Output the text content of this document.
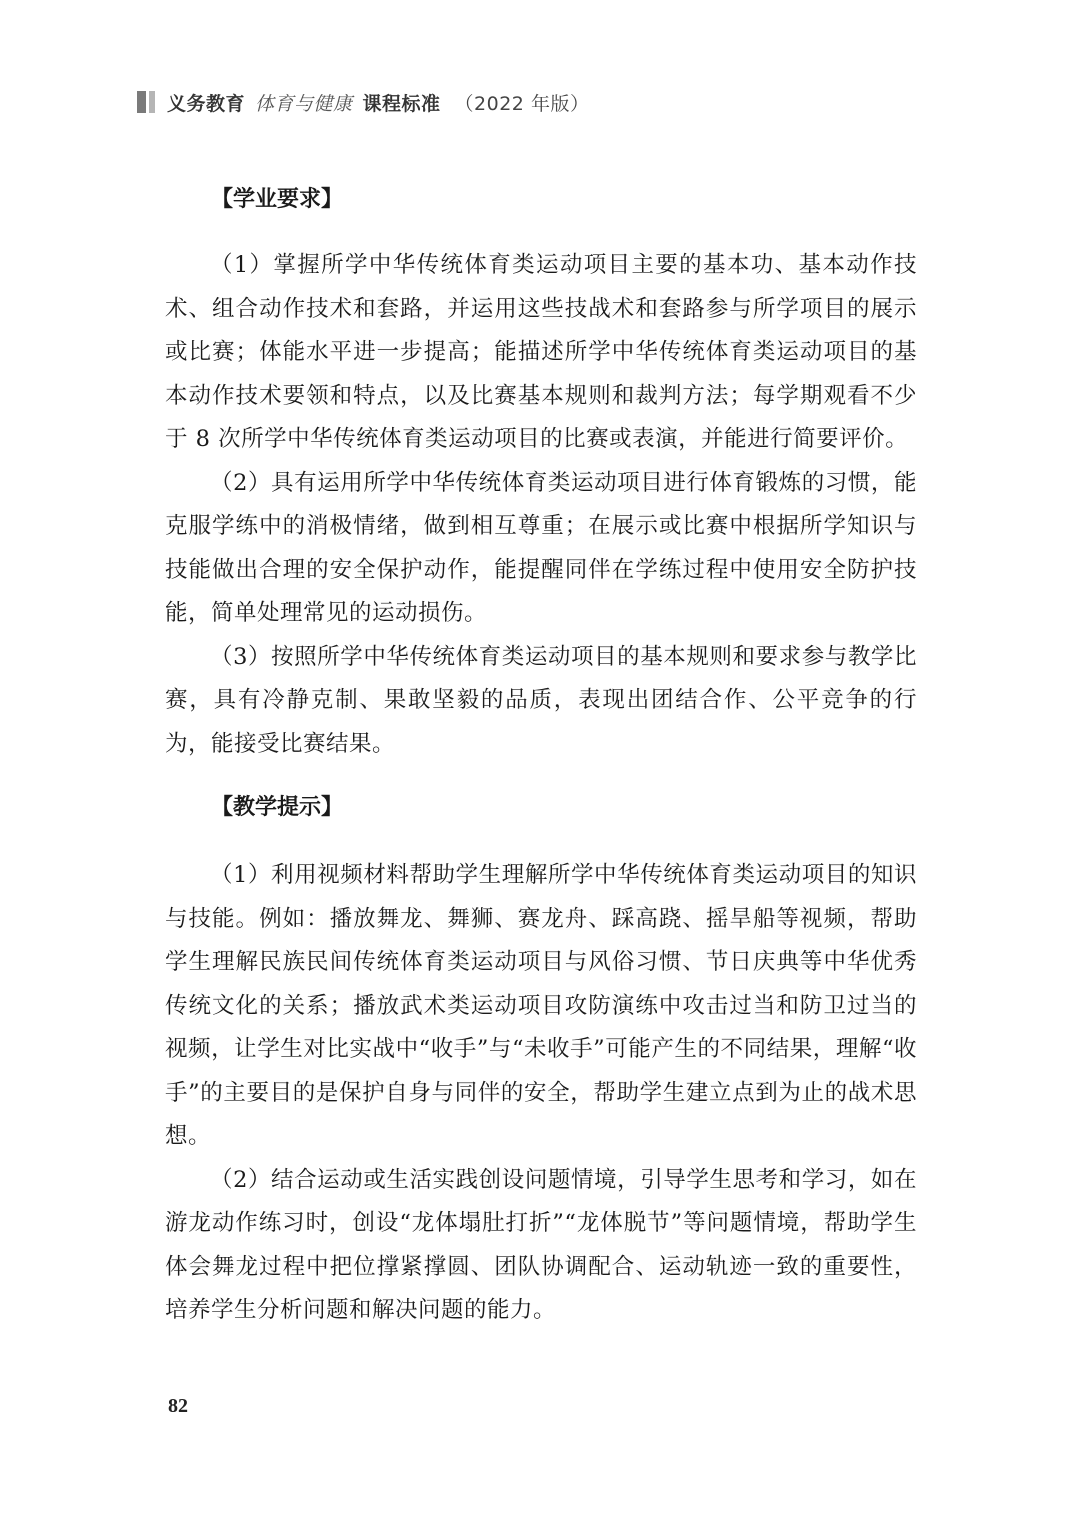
义务教育 体育与健康 课程标准 （2022 年版）
【学业要求】

（1）掌握所学中华传统体育类运动项目主要的基本功、基本动作技术、组合动作技术和套路，并运用这些技战术和套路参与所学项目的展示或比赛；体能水平进一步提高；能描述所学中华传统体育类运动项目的基本动作技术要领和特点，以及比赛基本规则和裁判方法；每学期观看不少于 8 次所学中华传统体育类运动项目的比赛或表演，并能进行简要评价。

（2）具有运用所学中华传统体育类运动项目进行体育锻炼的习惯，能克服学练中的消极情绪，做到相互尊重；在展示或比赛中根据所学知识与技能做出合理的安全保护动作，能提醒同伴在学练过程中使用安全防护技能，简单处理常见的运动损伤。

（3）按照所学中华传统体育类运动项目的基本规则和要求参与教学比赛，具有冷静克制、果敢坚毅的品质，表现出团结合作、公平竞争的行为，能接受比赛结果。

【教学提示】

（1）利用视频材料帮助学生理解所学中华传统体育类运动项目的知识与技能。例如：播放舞龙、舞狮、赛龙舟、踩高跷、摇旱船等视频，帮助学生理解民族民间传统体育类运动项目与风俗习惯、节日庆典等中华优秀传统文化的关系；播放武术类运动项目攻防演练中攻击过当和防卫过当的视频，让学生对比实战中“收手”与“未收手”可能产生的不同结果，理解“收手”的主要目的是保护自身与同伴的安全，帮助学生建立点到为止的战术思想。

（2）结合运动或生活实践创设问题情境，引导学生思考和学习，如在游龙动作练习时，创设“龙体塌肚打折”“龙体脱节”等问题情境，帮助学生体会舞龙过程中把位撑紧撑圆、团队协调配合、运动轨迹一致的重要性，培养学生分析问题和解决问题的能力。

82
